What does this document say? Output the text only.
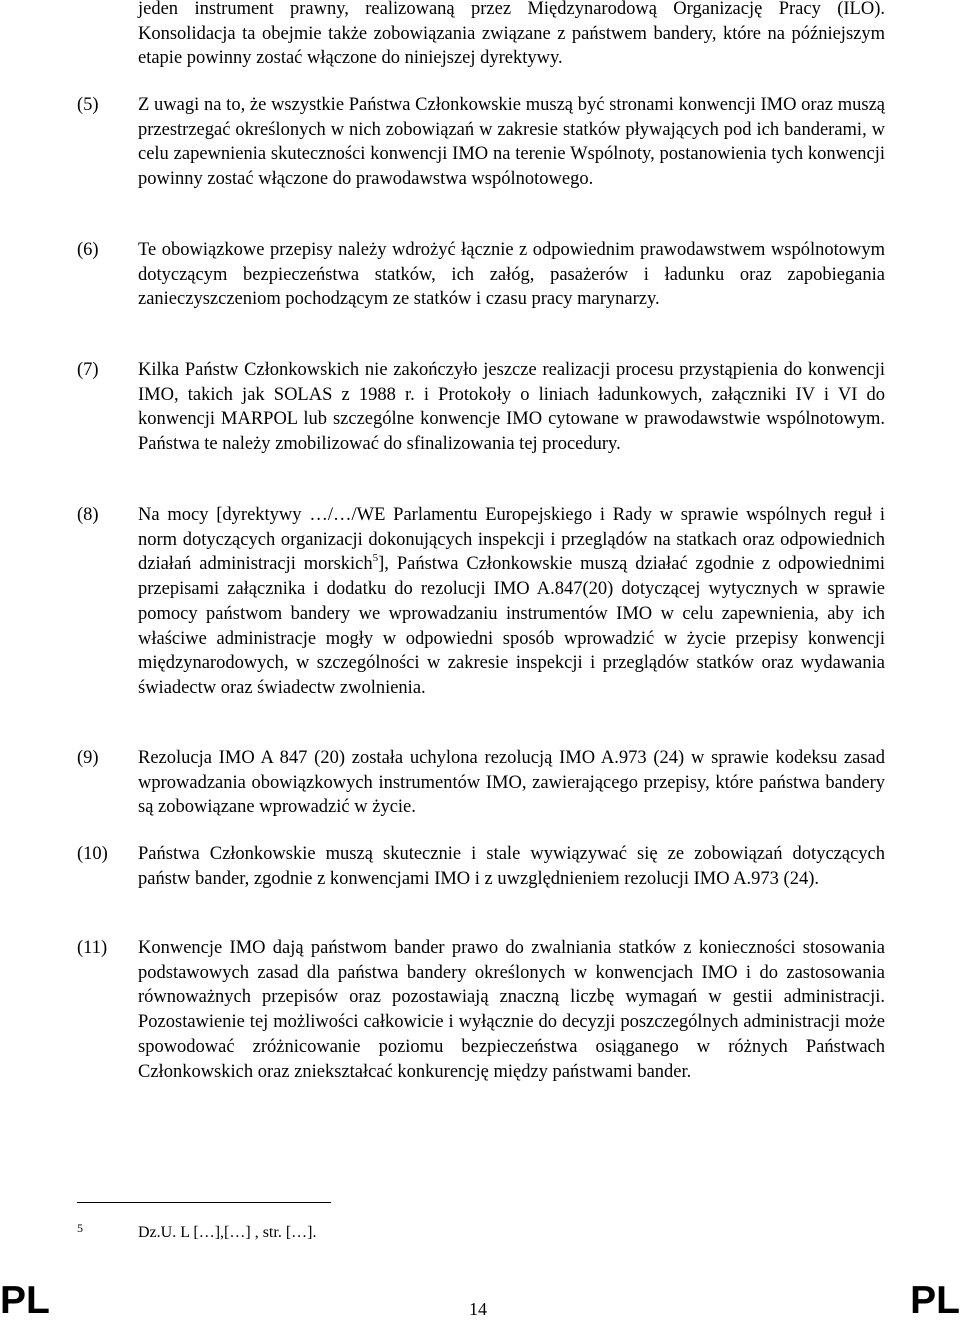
jeden instrument prawny, realizowaną przez Międzynarodową Organizację Pracy (ILO). Konsolidacja ta obejmie także zobowiązania związane z państwem bandery, które na późniejszym etapie powinny zostać włączone do niniejszej dyrektywy.

(5) Z uwagi na to, że wszystkie Państwa Członkowskie muszą być stronami konwencji IMO oraz muszą przestrzegać określonych w nich zobowiązań w zakresie statków pływających pod ich banderami, w celu zapewnienia skuteczności konwencji IMO na terenie Wspólnoty, postanowienia tych konwencji powinny zostać włączone do prawodawstwa wspólnotowego.
(6) Te obowiązkowe przepisy należy wdrożyć łącznie z odpowiednim prawodawstwem wspólnotowym dotyczącym bezpieczeństwa statków, ich załóg, pasażerów i ładunku oraz zapobiegania zanieczyszczeniom pochodzącym ze statków i czasu pracy marynarzy.
(7) Kilka Państw Członkowskich nie zakończyło jeszcze realizacji procesu przystąpienia do konwencji IMO, takich jak SOLAS z 1988 r. i Protokoły o liniach ładunkowych, załączniki IV i VI do konwencji MARPOL lub szczególne konwencje IMO cytowane w prawodawstwie wspólnotowym. Państwa te należy zmobilizować do sfinalizowania tej procedury.
(8) Na mocy [dyrektywy …/…/WE Parlamentu Europejskiego i Rady w sprawie wspólnych reguł i norm dotyczących organizacji dokonujących inspekcji i przeglądów na statkach oraz odpowiednich działań administracji morskich$^5$], Państwa Członkowskie muszą działać zgodnie z odpowiednimi przepisami załącznika i dodatku do rezolucji IMO A.847(20) dotyczącej wytycznych w sprawie pomocy państwom bandery we wprowadzaniu instrumentów IMO w celu zapewnienia, aby ich właściwe administracje mogły w odpowiedni sposób wprowadzić w życie przepisy konwencji międzynarodowych, w szczególności w zakresie inspekcji i przeglądów statków oraz wydawania świadectw oraz świadectw zwolnienia.
(9) Rezolucja IMO A 847 (20) została uchylona rezolucją IMO A.973 (24) w sprawie kodeksu zasad wprowadzania obowiązkowych instrumentów IMO, zawierającego przepisy, które państwa bandery są zobowiązane wprowadzić w życie.
(10) Państwa Członkowskie muszą skutecznie i stale wywiązywać się ze zobowiązań dotyczących państw bander, zgodnie z konwencjami IMO i z uwzględnieniem rezolucji IMO A.973 (24).
(11) Konwencje IMO dają państwom bander prawo do zwalniania statków z konieczności stosowania podstawowych zasad dla państwa bandery określonych w konwencjach IMO i do zastosowania równoważnych przepisów oraz pozostawiają znaczną liczbę wymagań w gestii administracji. Pozostawienie tej możliwości całkowicie i wyłącznie do decyzji poszczególnych administracji może spowodować zróżnicowanie poziomu bezpieczeństwa osiąganego w różnych Państwach Członkowskich oraz zniekształcać konkurencję między państwami bander.
5	Dz.U. L […],[…] , str. […].
PL	14	PL
